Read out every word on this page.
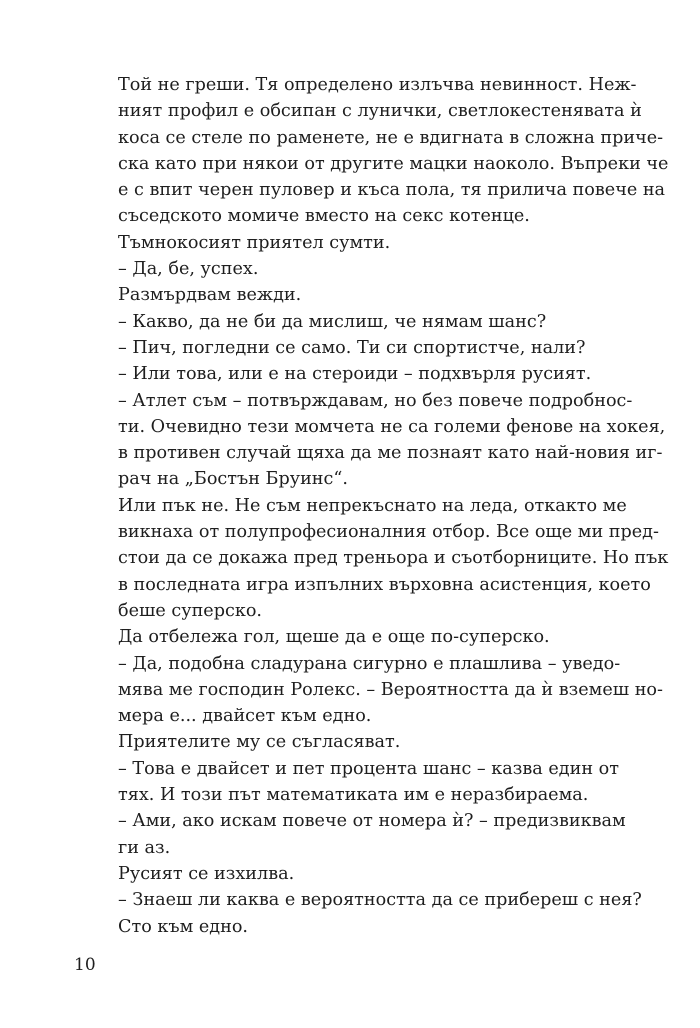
Той не греши. Тя определено излъчва невинност. Неж-
ният профил е обсипан с лунички, светлокестенявата ѝ
коса се стеле по раменете, не е вдигната в сложна приче-
ска като при някои от другите мацки наоколо. Въпреки че
е с впит черен пуловер и къса пола, тя прилича повече на
съседското момиче вместо на секс котенце.

Тъмнокосият приятел сумти.

– Да, бе, успех.

Размърдвам вежди.

– Какво, да не би да мислиш, че нямам шанс?

– Пич, погледни се само. Ти си спортистче, нали?

– Или това, или е на стероиди – подхвърля русият.

– Атлет съм – потвърждавам, но без повече подробнос-
ти. Очевидно тези момчета не са големи фенове на хокея,
в противен случай щяха да ме познаят като най-новия иг-
рач на „Бостън Бруинс“.

Или пък не. Не съм непрекъснато на леда, откакто ме
викнаха от полупрофесионалния отбор. Все още ми пред-
стои да се докажа пред треньора и съотборниците. Но пък
в последната игра изпълних върховна асистенция, което
беше суперско.

Да отбележа гол, щеше да е още по-суперско.

– Да, подобна сладурана сигурно е плашлива – уведо-
мява ме господин Ролекс. – Вероятността да ѝ вземеш но-
мера е... двайсет към едно.

Приятелите му се съгласяват.

– Това е двайсет и пет процента шанс – казва един от
тях. И този път математиката им е неразбираема.

– Ами, ако искам повече от номера ѝ? – предизвиквам
ги аз.

Русият се изхилва.

– Знаеш ли каква е вероятността да се прибереш с нея?
Сто към едно.

10
